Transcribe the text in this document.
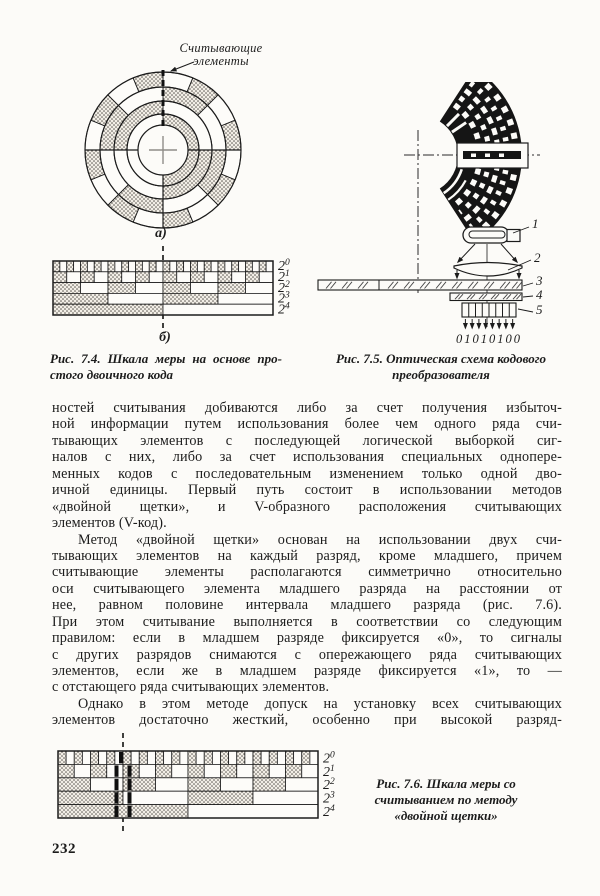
Считывающие
элементы
а)
$2^0$
$2^1$
$2^2$
$2^3$
$2^4$
б)
Рис. 7.4. Шкала меры на основе про-
стого двоичного кода
1
2
3
4
5
01010100
Рис. 7.5. Оптическая схема кодового
преобразователя
ностей считывания добиваются либо за счет получения избыточ-
ной информации путем использования более чем одного ряда счи-
тывающих элементов с последующей логической выборкой сиг-
налов с них, либо за счет использования специальных однопере-
менных кодов с последовательным изменением только одной дво-
ичной единицы. Первый путь состоит в использовании методов
«двойной щетки», и V-образного расположения считывающих
элементов (V-код).
Метод «двойной щетки» основан на использовании двух счи-
тывающих элементов на каждый разряд, кроме младшего, причем
считывающие элементы располагаются симметрично относительно
оси считывающего элемента младшего разряда на расстоянии от
нее, равном половине интервала младшего разряда (рис. 7.6).
При этом считывание выполняется в соответствии со следующим
правилом: если в младшем разряде фиксируется «0», то сигналы
с других разрядов снимаются с опережающего ряда считывающих
элементов, если же в младшем разряде фиксируется «1», то —
с отстающего ряда считывающих элементов.
Однако в этом методе допуск на установку всех считывающих
элементов достаточно жесткий, особенно при высокой разряд-
$2^0$
$2^1$
$2^2$
$2^3$
$2^4$
Рис. 7.6. Шкала меры со
считыванием по методу
«двойной щетки»
232
